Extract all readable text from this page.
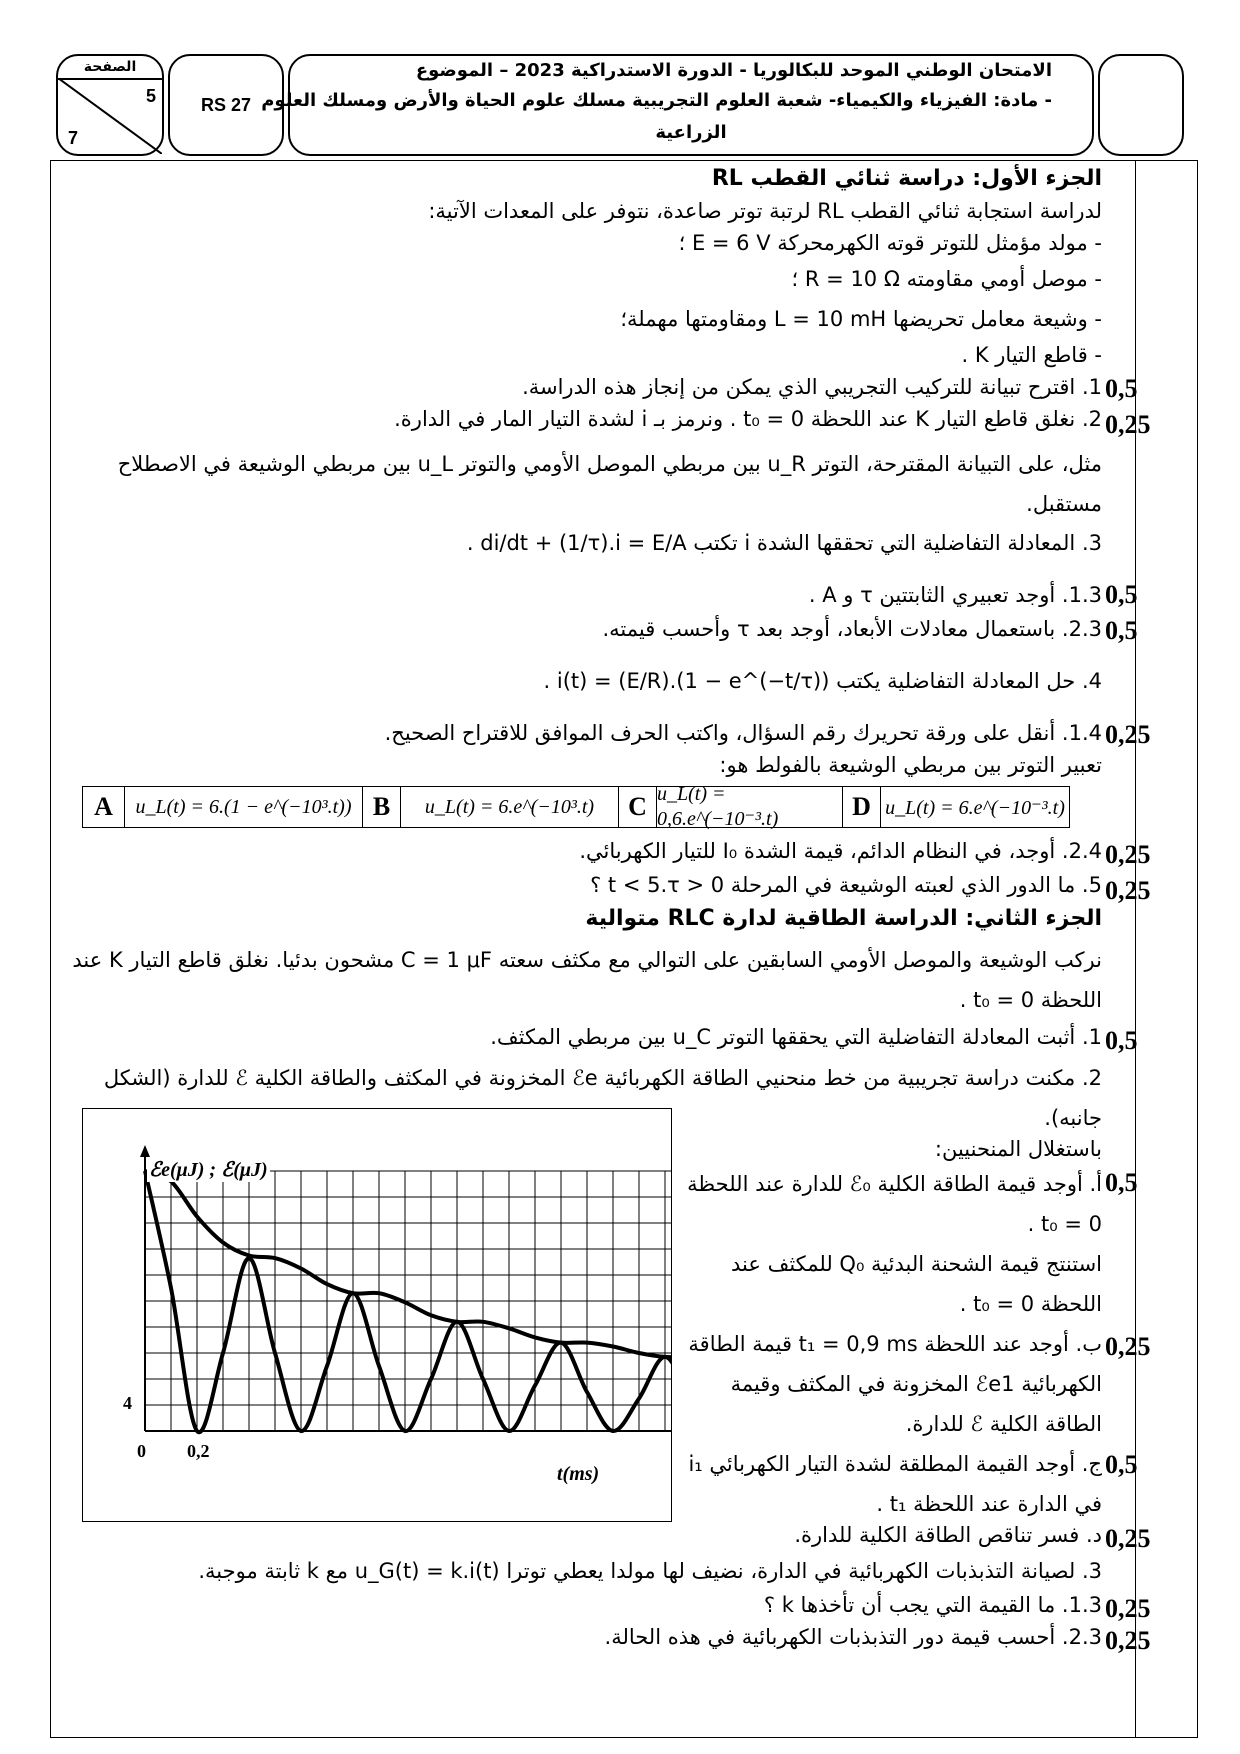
الصفحة
5
7
RS 27
الامتحان الوطني الموحد للبكالوريا - الدورة الاستدراكية 2023 – الموضوع
- مادة: الفيزياء والكيمياء- شعبة العلوم التجريبية مسلك علوم الحياة والأرض ومسلك العلوم
الزراعية
الجزء الأول: دراسة ثنائي القطب RL
لدراسة استجابة ثنائي القطب RL لرتبة توتر صاعدة، نتوفر على المعدات الآتية:
- مولد مؤمثل للتوتر قوته الكهرمحركة E = 6 V ؛
- موصل أومي مقاومته R = 10 Ω ؛
- وشيعة معامل تحريضها L = 10 mH ومقاومتها مهملة؛
- قاطع التيار K .
1. اقترح تبيانة للتركيب التجريبي الذي يمكن من إنجاز هذه الدراسة. 0,5
2. نغلق قاطع التيار K عند اللحظة t₀ = 0 . ونرمز بـ i لشدة التيار المار في الدارة. 0,25
مثل، على التبيانة المقترحة، التوتر u_R بين مربطي الموصل الأومي والتوتر u_L بين مربطي الوشيعة في الاصطلاح مستقبل.
3. المعادلة التفاضلية التي تحققها الشدة i تكتب di/dt + (1/τ).i = E/A .
1.3. أوجد تعبيري الثابتتين τ و A . 0,5
2.3. باستعمال معادلات الأبعاد، أوجد بعد τ وأحسب قيمته. 0,5
4. حل المعادلة التفاضلية يكتب i(t) = (E/R).(1 − e^(−t/τ)) .
1.4. أنقل على ورقة تحريرك رقم السؤال، واكتب الحرف الموافق للاقتراح الصحيح. 0,25
تعبير التوتر بين مربطي الوشيعة بالفولط هو:
A	u_L(t) = 6.(1 − e^(−10³.t)) B	u_L(t) = 6.e^(−10³.t)	C u_L(t) = 0,6.e^(−10⁻³.t)	D u_L(t) = 6.e^(−10⁻³.t)
2.4. أوجد، في النظام الدائم، قيمة الشدة I₀ للتيار الكهربائي. 0,25
5. ما الدور الذي لعبته الوشيعة في المرحلة 0 < t < 5.τ ؟ 0,25
الجزء الثاني: الدراسة الطاقية لدارة RLC متوالية
نركب الوشيعة والموصل الأومي السابقين على التوالي مع مكثف سعته C = 1 μF مشحون بدئيا. نغلق قاطع التيار K عند اللحظة t₀ = 0 .
1. أثبت المعادلة التفاضلية التي يحققها التوتر u_C بين مربطي المكثف. 0,5
2. مكنت دراسة تجريبية من خط منحنيي الطاقة الكهربائية ℰe المخزونة في المكثف والطاقة الكلية ℰ للدارة (الشكل جانبه).
باستغلال المنحنيين:
أ. أوجد قيمة الطاقة الكلية ℰ₀ للدارة عند اللحظة t₀ = 0 .
0,5
استنتج قيمة الشحنة البدئية Q₀ للمكثف عند اللحظة t₀ = 0 .
ب. أوجد عند اللحظة t₁ = 0,9 ms قيمة الطاقة الكهربائية ℰe1 المخزونة في المكثف وقيمة الطاقة الكلية ℰ للدارة.
0,25
ج. أوجد القيمة المطلقة لشدة التيار الكهربائي i₁ في الدارة عند اللحظة t₁ .
0,5
د. فسر تناقص الطاقة الكلية للدارة. 0,25
3. لصيانة التذبذبات الكهربائية في الدارة، نضيف لها مولدا يعطي توترا u_G(t) = k.i(t) مع k ثابتة موجبة.
1.3. ما القيمة التي يجب أن تأخذها k ؟ 0,25
2.3. أحسب قيمة دور التذبذبات الكهربائية في هذه الحالة. 0,25
ℰe(μJ) ; ℰ(μJ)
4
0 0,2
t(ms)
